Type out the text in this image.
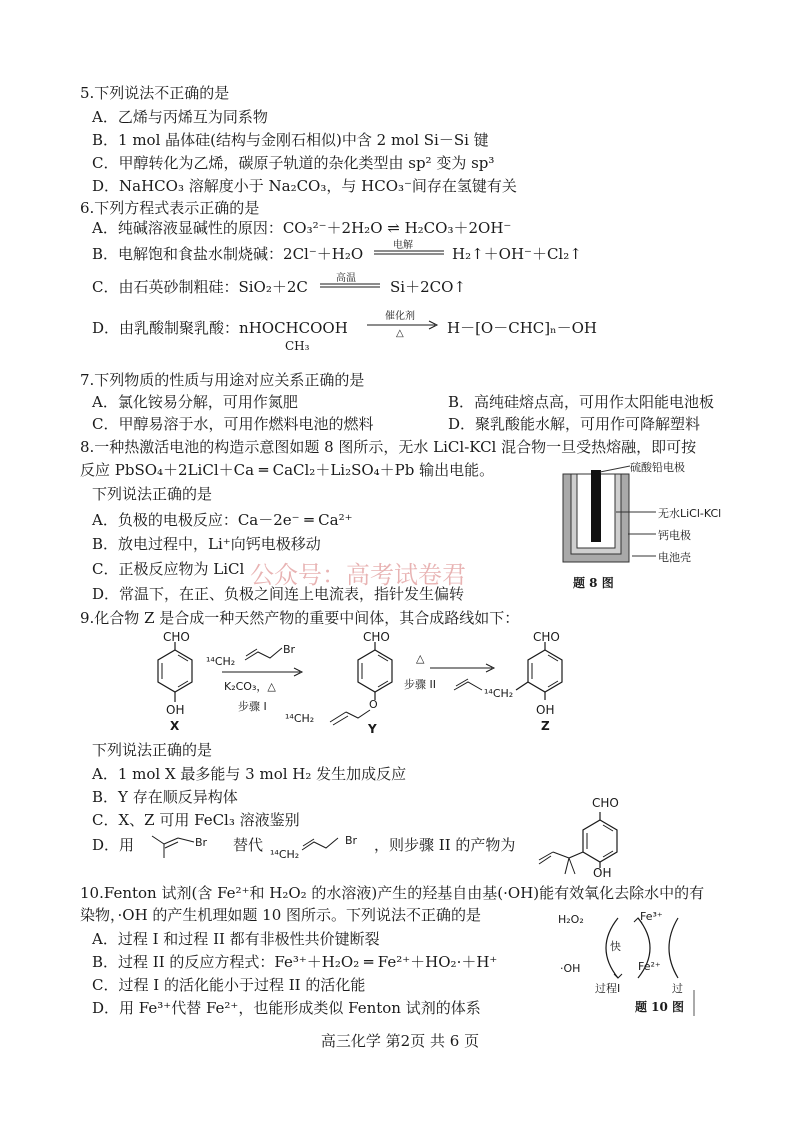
5.下列说法不正确的是
A．乙烯与丙烯互为同系物
B．1 mol 晶体硅(结构与金刚石相似)中含 2 mol Si－Si 键
C．甲醇转化为乙烯，碳原子轨道的杂化类型由 sp² 变为 sp³
D．NaHCO₃ 溶解度小于 Na₂CO₃，与 HCO₃⁻间存在氢键有关
6.下列方程式表示正确的是
A．纯碱溶液显碱性的原因：CO₃²⁻＋2H₂O ⇌ H₂CO₃＋2OH⁻
B．电解饱和食盐水制烧碱：2Cl⁻＋H₂O	电解	H₂↑＋OH⁻＋Cl₂↑
C．由石英砂制粗硅：SiO₂＋2C	高温 Si＋2CO↑
D．由乳酸制聚乳酸：nHOCHCOOH
CH₃
催化剂
△	H－[O－CHC]ₙ－OH
7.下列物质的性质与用途对应关系正确的是
A．氯化铵易分解，可用作氮肥	B．高纯硅熔点高，可用作太阳能电池板
C．甲醇易溶于水，可用作燃料电池的燃料	D．聚乳酸能水解，可用作可降解塑料
8.一种热激活电池的构造示意图如题 8 图所示，无水 LiCl-KCl 混合物一旦受热熔融，即可按
反应 PbSO₄＋2LiCl＋Ca ═ CaCl₂＋Li₂SO₄＋Pb 输出电能。
下列说法正确的是
A．负极的电极反应：Ca－2e⁻ ═ Ca²⁺
B．放电过程中，Li⁺向钙电极移动
C．正极反应物为 LiCl
D．常温下，在正、负极之间连上电流表，指针发生偏转
硫酸铅电极
无水LiCl-KCl
钙电极
电池壳
题 8 图
公众号：高考试卷君
9.化合物 Z 是合成一种天然产物的重要中间体，其合成路线如下：
CHO
OH
X
¹⁴CH₂
Br
K₂CO₃，△
步骤 I
CHO
O
¹⁴CH₂
Y
△
步骤 II
CHO
¹⁴CH₂
OH
Z
下列说法正确的是
A．1 mol X 最多能与 3 mol H₂ 发生加成反应
B．Y 存在顺反异构体
C．X、Z 可用 FeCl₃ 溶液鉴别
D．用	Br 替代
¹⁴CH₂
Br ，则步骤 II 的产物为
CHO
OH
10.Fenton 试剂(含 Fe²⁺和 H₂O₂ 的水溶液)产生的羟基自由基(·OH)能有效氧化去除水中的有
染物，·OH 的产生机理如题 10 图所示。下列说法不正确的是
A．过程 I 和过程 II 都有非极性共价键断裂
B．过程 II 的反应方程式：Fe³⁺＋H₂O₂ ═ Fe²⁺＋HO₂·＋H⁺
C．过程 I 的活化能小于过程 II 的活化能
D．用 Fe³⁺代替 Fe²⁺，也能形成类似 Fenton 试剂的体系
H₂O₂	Fe³⁺
快
Fe²⁺
·OH
过程I	过
题 10 图
高三化学 第2页 共 6 页
